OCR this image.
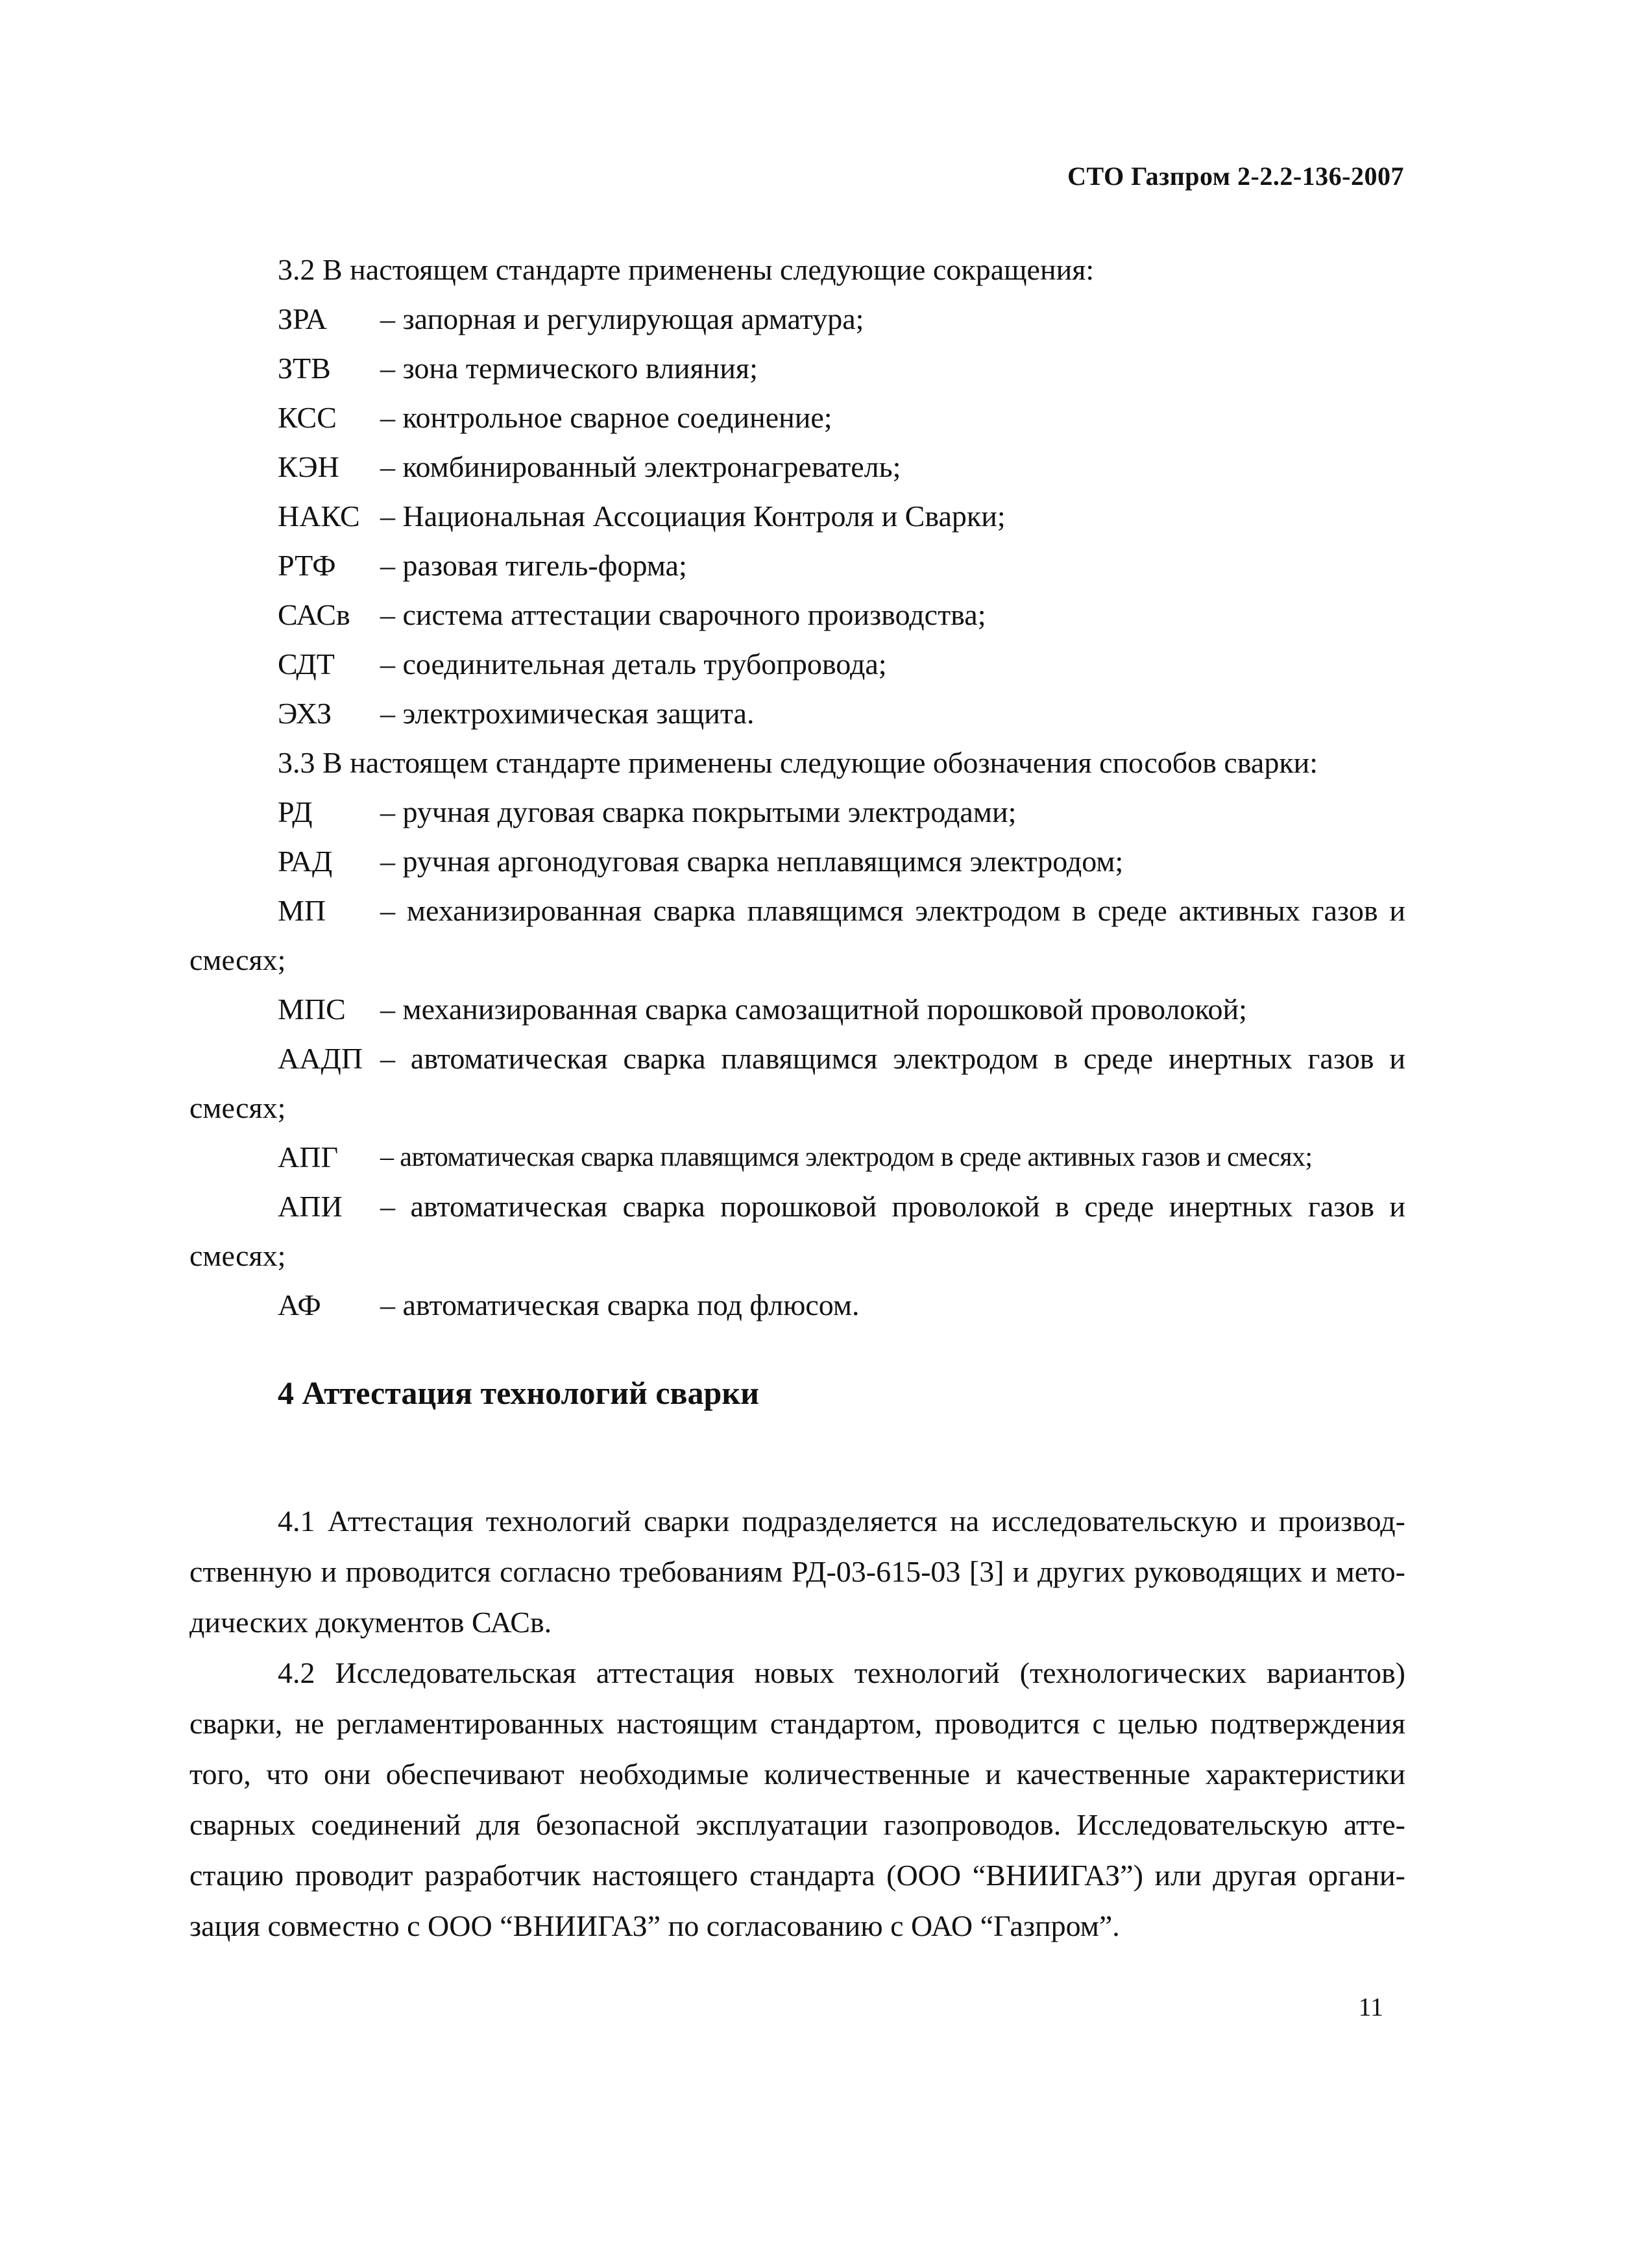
СТО Газпром 2-2.2-136-2007

3.2 В настоящем стандарте применены следующие сокращения:

ЗРА	– запорная и регулирующая арматура;
ЗТВ	– зона термического влияния;
КСС	– контрольное сварное соединение;
КЭН	– комбинированный электронагреватель;
НАКС – Национальная Ассоциация Контроля и Сварки;
РТФ	– разовая тигель-форма;
САСв	– система аттестации сварочного производства;
СДТ	– соединительная деталь трубопровода;
ЭХЗ	– электрохимическая защита.

3.3 В настоящем стандарте применены следующие обозначения способов сварки:

РД	– ручная дуговая сварка покрытыми электродами;
РАД	– ручная аргонодуговая сварка неплавящимся электродом;
МП	– механизированная сварка плавящимся электродом в среде активных газов и

смесях;

МПС	– механизированная сварка самозащитной порошковой проволокой;
ААДП – автоматическая сварка плавящимся электродом в среде инертных газов и

смесях;

АПГ	– автоматическая сварка плавящимся электродом в среде активных газов и смесях;
АПИ	– автоматическая сварка порошковой проволокой в среде инертных газов и

смесях;

АФ	– автоматическая сварка под флюсом.
4 Аттестация технологий сварки

4.1 Аттестация технологий сварки подразделяется на исследовательскую и производ-
ственную и проводится согласно требованиям РД-03-615-03 [3] и других руководящих и мето-
дических документов САСв.

4.2 Исследовательская аттестация новых технологий (технологических вариантов)
сварки, не регламентированных настоящим стандартом, проводится с целью подтверждения
того, что они обеспечивают необходимые количественные и качественные характеристики
сварных соединений для безопасной эксплуатации газопроводов. Исследовательскую атте-
стацию проводит разработчик настоящего стандарта (ООО “ВНИИГАЗ”) или другая органи-
зация совместно с ООО “ВНИИГАЗ” по согласованию с ОАО “Газпром”.

11
